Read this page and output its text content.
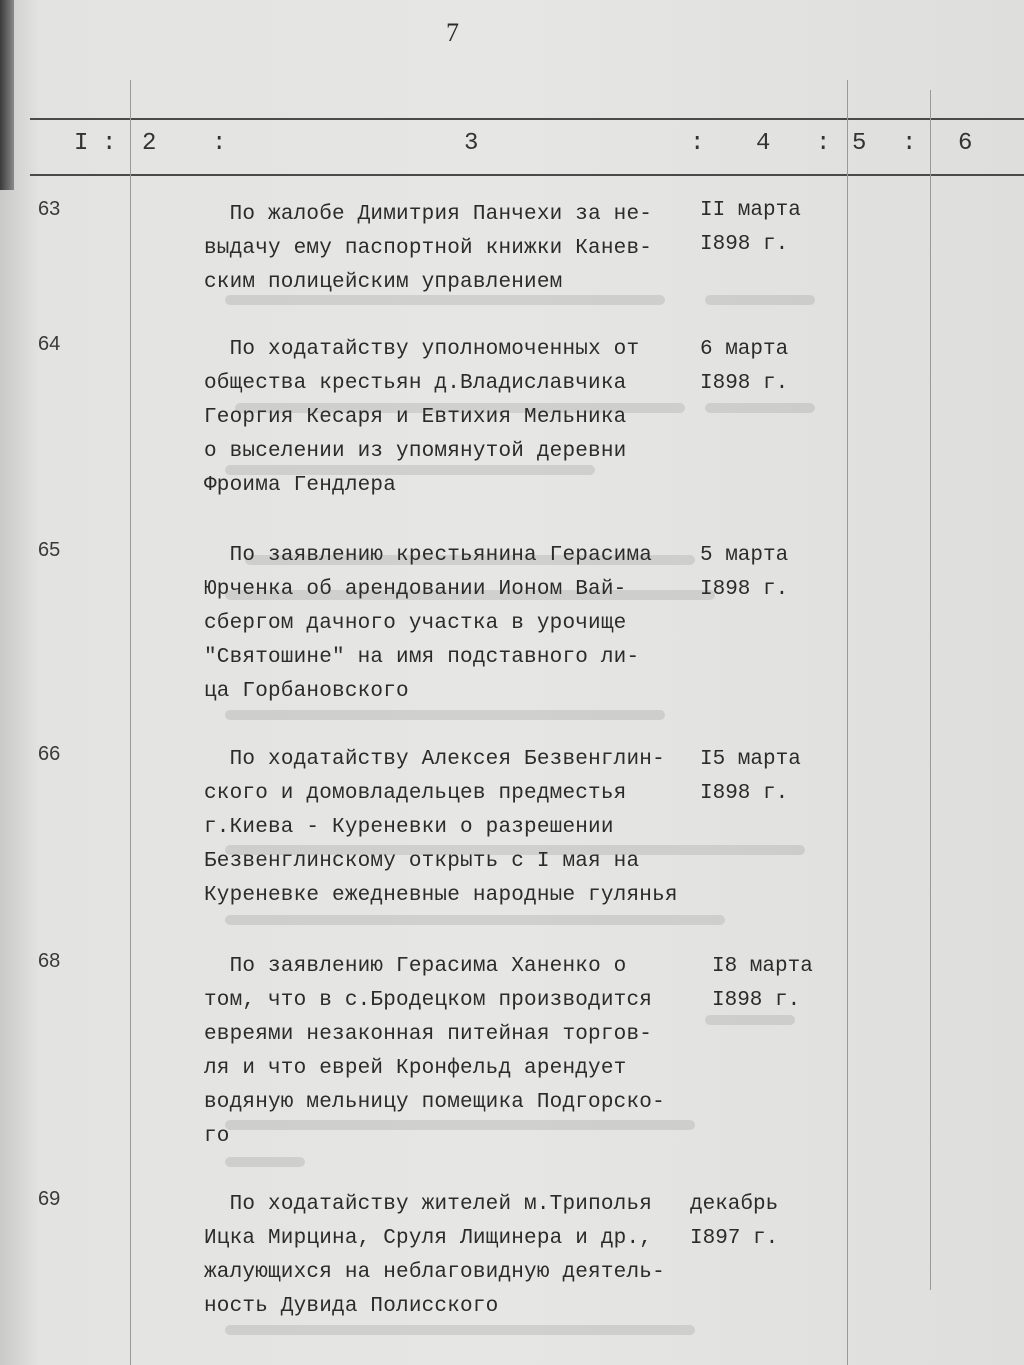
7
I : 2 :	3	: 4 : 5 : 6
63	По жалобе Димитрия Панчехи за не-
выдачу ему паспортной книжки Канев-
ским полицейским управлением
II марта
I898 г.
64	По ходатайству уполномоченных от
общества крестьян д.Владиславчика
Георгия Кесаря и Евтихия Мельника
о выселении из упомянутой деревни
Фроима Гендлера
6 марта
I898 г.
65	По заявлению крестьянина Герасима
Юрченка об арендовании Ионом Вай-
сбергом дачного участка в урочище
"Святошине" на имя подставного ли-
ца Горбановского
5 марта
I898 г.
66	По ходатайству Алексея Безвенглин-
ского и домовладельцев предместья
г.Киева - Куреневки о разрешении
Безвенглинскому открыть с I мая на
Куреневке ежедневные народные гулянья
I5 марта
I898 г.
68	По заявлению Герасима Ханенко о
том, что в с.Бродецком производится
евреями незаконная питейная торгов-
ля и что еврей Кронфельд арендует
водяную мельницу помещика Подгорско-
го
I8 марта
I898 г.
69	По ходатайству жителей м.Триполья
Ицка Мирцина, Сруля Лищинера и др.,
жалующихся на неблаговидную деятель-
ность Дувида Полисского
декабрь
I897 г.
